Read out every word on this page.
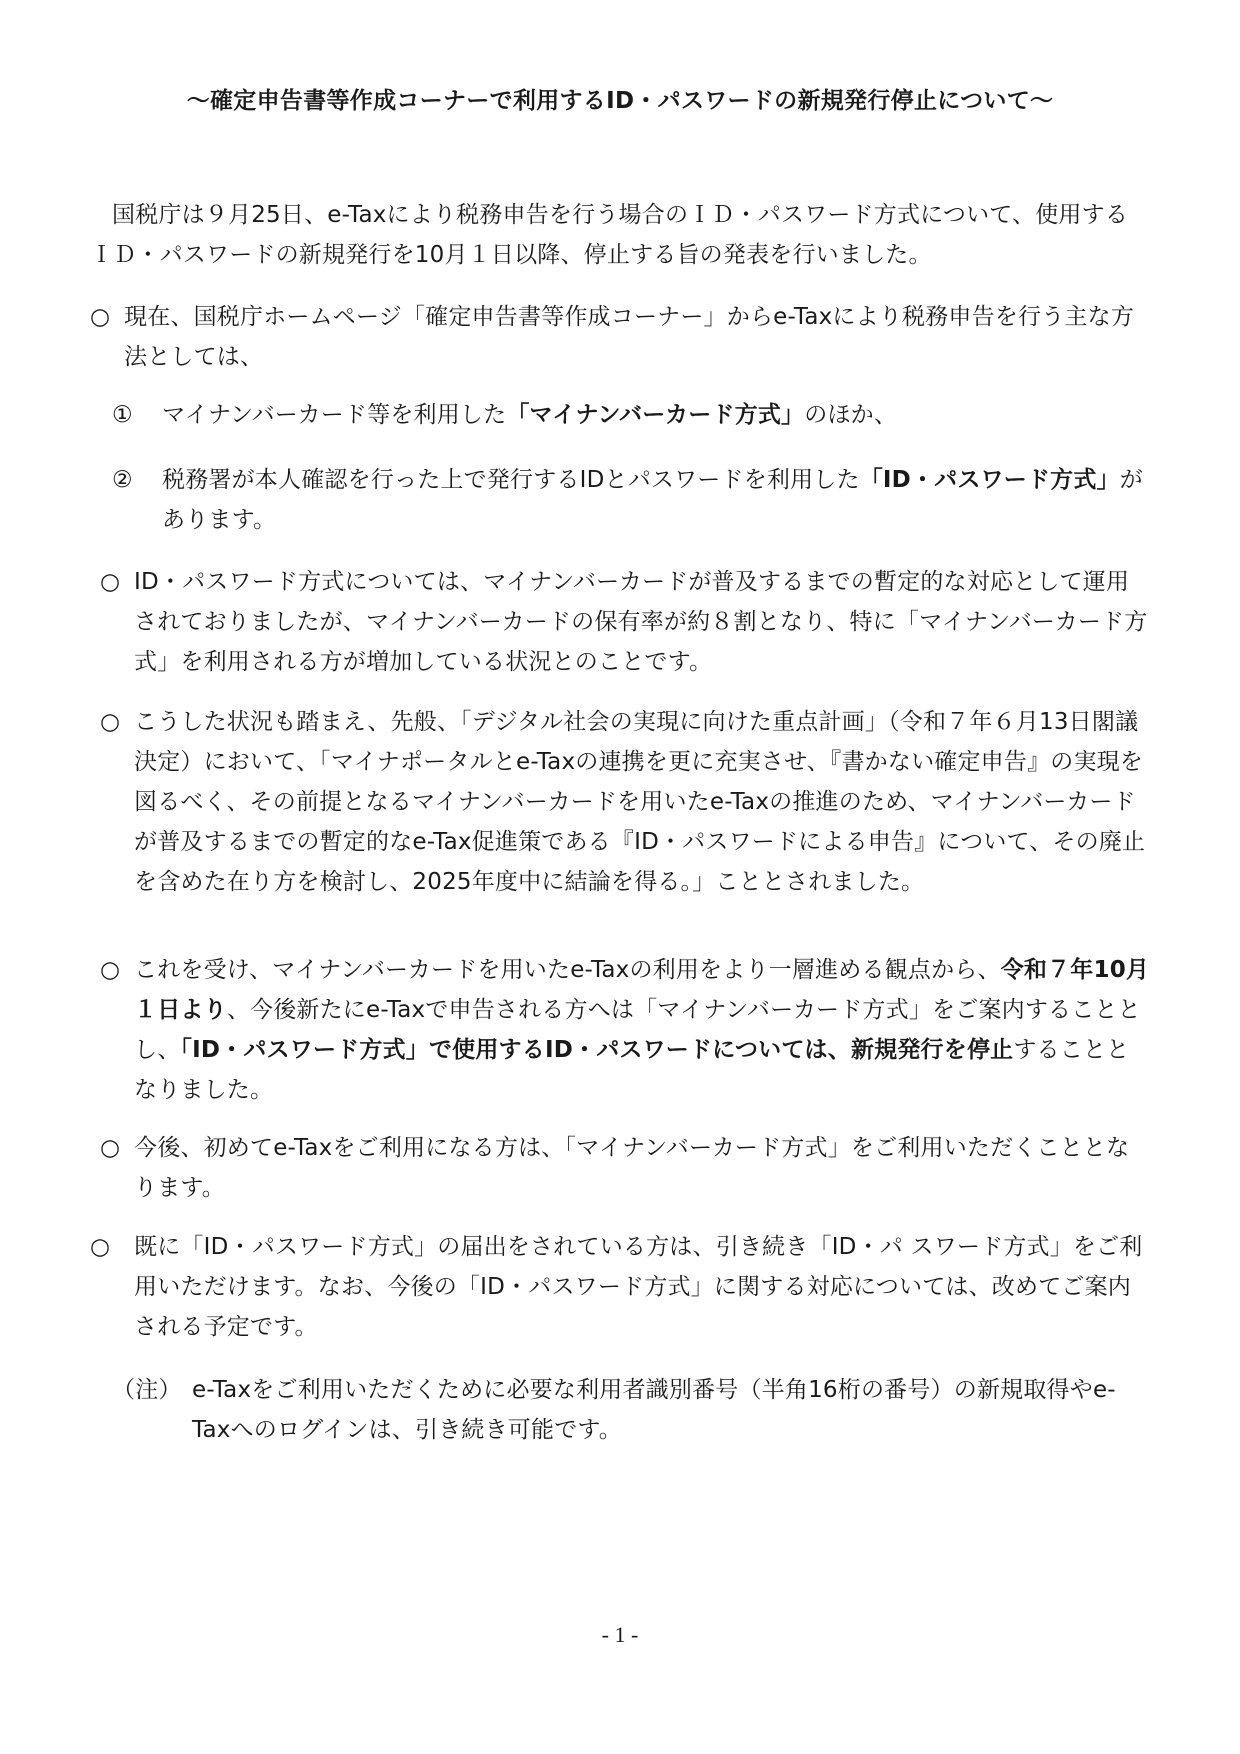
〜確定申告書等作成コーナーで利用するID・パスワードの新規発行停止について〜
国税庁は９月25日、e-Taxにより税務申告を行う場合のＩＤ・パスワード方式について、使用するＩＤ・パスワードの新規発行を10月１日以降、停止する旨の発表を行いました。
○ 現在、国税庁ホームページ「確定申告書等作成コーナー」からe-Taxにより税務申告を行う主な方法としては、
①	マイナンバーカード等を利用した「マイナンバーカード方式」のほか、
②	税務署が本人確認を行った上で発行するIDとパスワードを利用した「ID・パスワード方式」があります。
○ ID・パスワード方式については、マイナンバーカードが普及するまでの暫定的な対応として運用されておりましたが、マイナンバーカードの保有率が約８割となり、特に「マイナンバーカード方式」を利用される方が増加している状況とのことです。
○ こうした状況も踏まえ、先般、「デジタル社会の実現に向けた重点計画」（令和７年６月13日閣議決定）において、「マイナポータルとe-Taxの連携を更に充実させ、『書かない確定申告』の実現を図るべく、その前提となるマイナンバーカードを用いたe-Taxの推進のため、マイナンバーカードが普及するまでの暫定的なe-Tax促進策である『ID・パスワードによる申告』について、その廃止を含めた在り方を検討し、2025年度中に結論を得る。」こととされました。
○ これを受け、マイナンバーカードを用いたe-Taxの利用をより一層進める観点から、令和７年10月１日より、今後新たにe-Taxで申告される方へは「マイナンバーカード方式」をご案内することとし、「ID・パスワード方式」で使用するID・パスワードについては、新規発行を停止することとなりました。
○ 今後、初めてe-Taxをご利用になる方は、「マイナンバーカード方式」をご利用いただくこととなります。
○	既に「ID・パスワード方式」の届出をされている方は、引き続き「ID・パ スワード方式」をご利用いただけます。なお、今後の「ID・パスワード方式」に関する対応については、改めてご案内される予定です。
（注） e-Taxをご利用いただくために必要な利用者識別番号（半角16桁の番号）の新規取得やe-Taxへのログインは、引き続き可能です。
- 1 -
